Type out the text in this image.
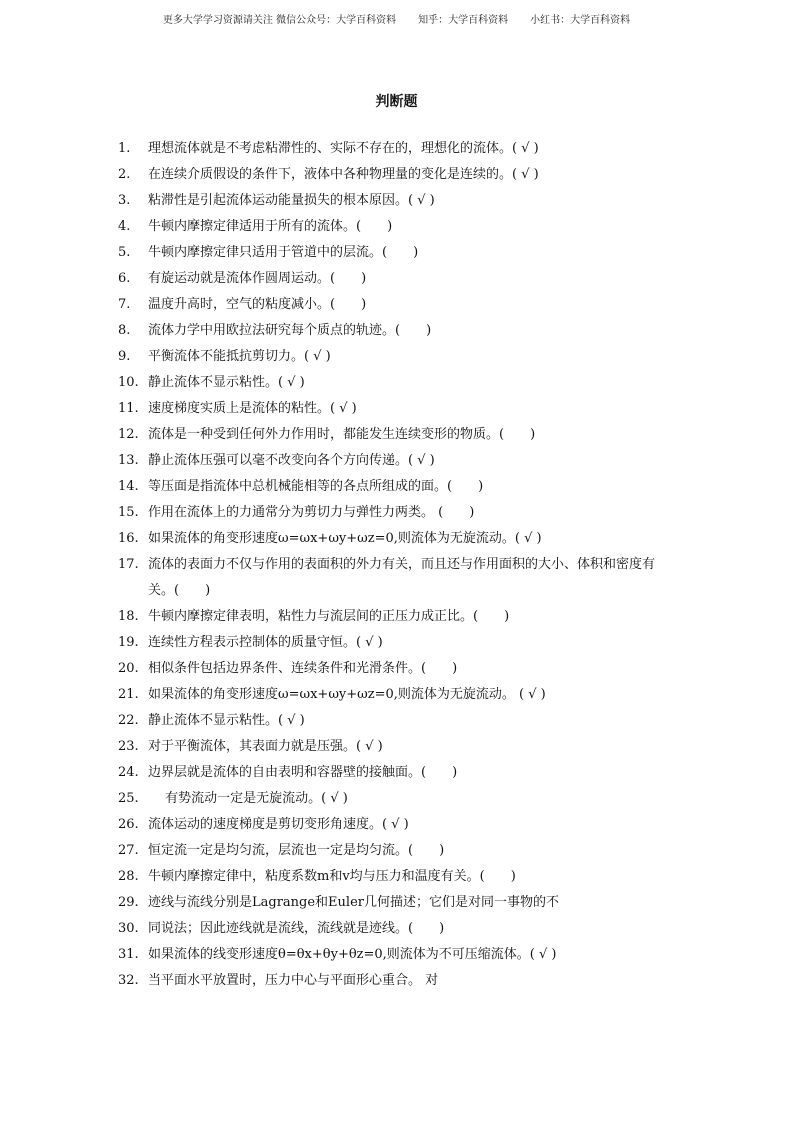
更多大学学习资源请关注 微信公众号：大学百科资料 知乎：大学百科资料 小红书：大学百科资料
判断题
1.	理想流体就是不考虑粘滞性的、实际不存在的，理想化的流体。( √ )
2.	在连续介质假设的条件下，液体中各种物理量的变化是连续的。( √ )
3.	粘滞性是引起流体运动能量损失的根本原因。( √ )
4.	牛顿内摩擦定律适用于所有的流体。(　　)
5.	牛顿内摩擦定律只适用于管道中的层流。(　　)
6.	有旋运动就是流体作圆周运动。(　　)
7.	温度升高时，空气的粘度减小。(　　)
8.	流体力学中用欧拉法研究每个质点的轨迹。(　　)
9.	平衡流体不能抵抗剪切力。( √ )
10. 静止流体不显示粘性。( √ )
11. 速度梯度实质上是流体的粘性。( √ )
12. 流体是一种受到任何外力作用时，都能发生连续变形的物质。(　　)
13. 静止流体压强可以毫不改变向各个方向传递。( √ )
14. 等压面是指流体中总机械能相等的各点所组成的面。(　　)
15. 作用在流体上的力通常分为剪切力与弹性力两类。 (　　)
16. 如果流体的角变形速度ω=ωx+ωy+ωz=0,则流体为无旋流动。( √ )
17. 流体的表面力不仅与作用的表面积的外力有关，而且还与作用面积的大小、体积和密度有关。(　　)
18. 牛顿内摩擦定律表明，粘性力与流层间的正压力成正比。(　　)
19. 连续性方程表示控制体的质量守恒。( √ )
20. 相似条件包括边界条件、连续条件和光滑条件。(　　)
21. 如果流体的角变形速度ω=ωx+ωy+ωz=0,则流体为无旋流动。 ( √ )
22. 静止流体不显示粘性。( √ )
23. 对于平衡流体，其表面力就是压强。( √ )
24. 边界层就是流体的自由表明和容器壁的接触面。(　　)
25. 　 有势流动一定是无旋流动。( √ )
26. 流体运动的速度梯度是剪切变形角速度。( √ )
27. 恒定流一定是均匀流，层流也一定是均匀流。(　　)
28. 牛顿内摩擦定律中，粘度系数m和v均与压力和温度有关。(　　)
29. 迹线与流线分别是Lagrange和Euler几何描述；它们是对同一事物的不
30. 同说法；因此迹线就是流线，流线就是迹线。(　　)
31. 如果流体的线变形速度θ=θx+θy+θz=0,则流体为不可压缩流体。( √ )
32. 当平面水平放置时，压力中心与平面形心重合。 对
